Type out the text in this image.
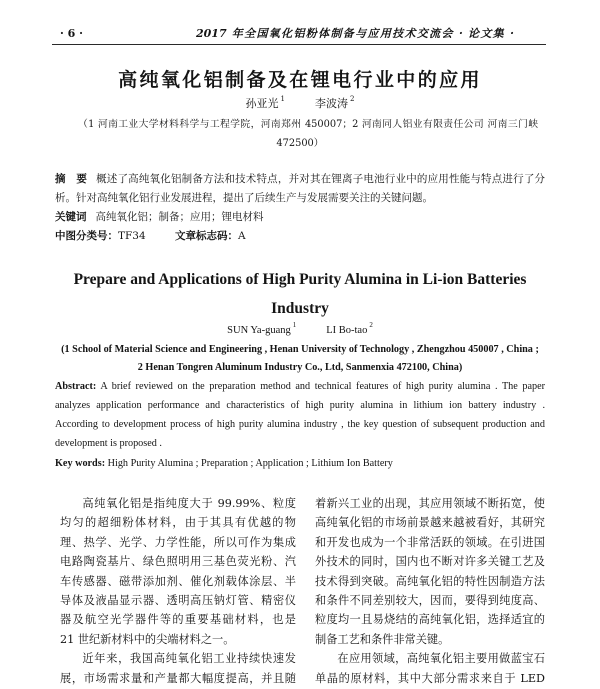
· 6 ·	2017 年全国氧化铝粉体制备与应用技术交流会 · 论文集 ·
高纯氧化铝制备及在锂电行业中的应用
孙亚光 $^1$	李波涛 $^2$
（1 河南工业大学材料科学与工程学院，河南郑州 450007；2 河南同人铝业有限责任公司 河南三门峡
472500）
摘　要 概述了高纯氧化铝制备方法和技术特点，并对其在锂离子电池行业中的应用性能与特点进行了分
析。针对高纯氧化铝行业发展进程，提出了后续生产与发展需要关注的关键问题。
关键词 高纯氧化铝；制备；应用；锂电材料
中图分类号：TF34	文章标志码：A
Prepare and Applications of High Purity Alumina in Li-ion Batteries
Industry
SUN Ya-guang $^1$	LI Bo-tao $^2$
(1 School of Material Science and Engineering , Henan University of Technology , Zhengzhou 450007 , China ;
2 Henan Tongren Aluminum Industry Co., Ltd, Sanmenxia 472100, China)
Abstract: A brief reviewed on the preparation method and technical features of high purity alumina . The paper
analyzes application performance and characteristics of high purity alumina in lithium ion battery industry .
According to development process of high purity alumina industry , the key question of subsequent production and
development is proposed .
Key words: High Purity Alumina ; Preparation ; Application ; Lithium Ion Battery
高纯氧化铝是指纯度大于 99.99%、粒度
均匀的超细粉体材料，由于其具有优越的物
理、热学、光学、力学性能，所以可作为集成
电路陶瓷基片、绿色照明用三基色荧光粉、汽
车传感器、磁带添加剂、催化剂载体涂层、半
导体及液晶显示器、透明高压钠灯管、精密仪
器及航空光学器件等的重要基础材料，也是
21 世纪新材料中的尖端材料之一。
近年来，我国高纯氧化铝工业持续快速发
展，市场需求量和产量都大幅度提高，并且随
着新兴工业的出现，其应用领域不断拓宽，使
高纯氧化铝的市场前景越来越被看好，其研究
和开发也成为一个非常活跃的领域。在引进国
外技术的同时，国内也不断对许多关键工艺及
技术得到突破。高纯氧化铝的特性因制造方法
和条件不同差别较大，因而，要得到纯度高、
粒度均一且易烧结的高纯氧化铝，选择适宜的
制备工艺和条件非常关键。
在应用领域，高纯氧化铝主要用做蓝宝石
单晶的原材料，其中大部分需求来自于 LED
